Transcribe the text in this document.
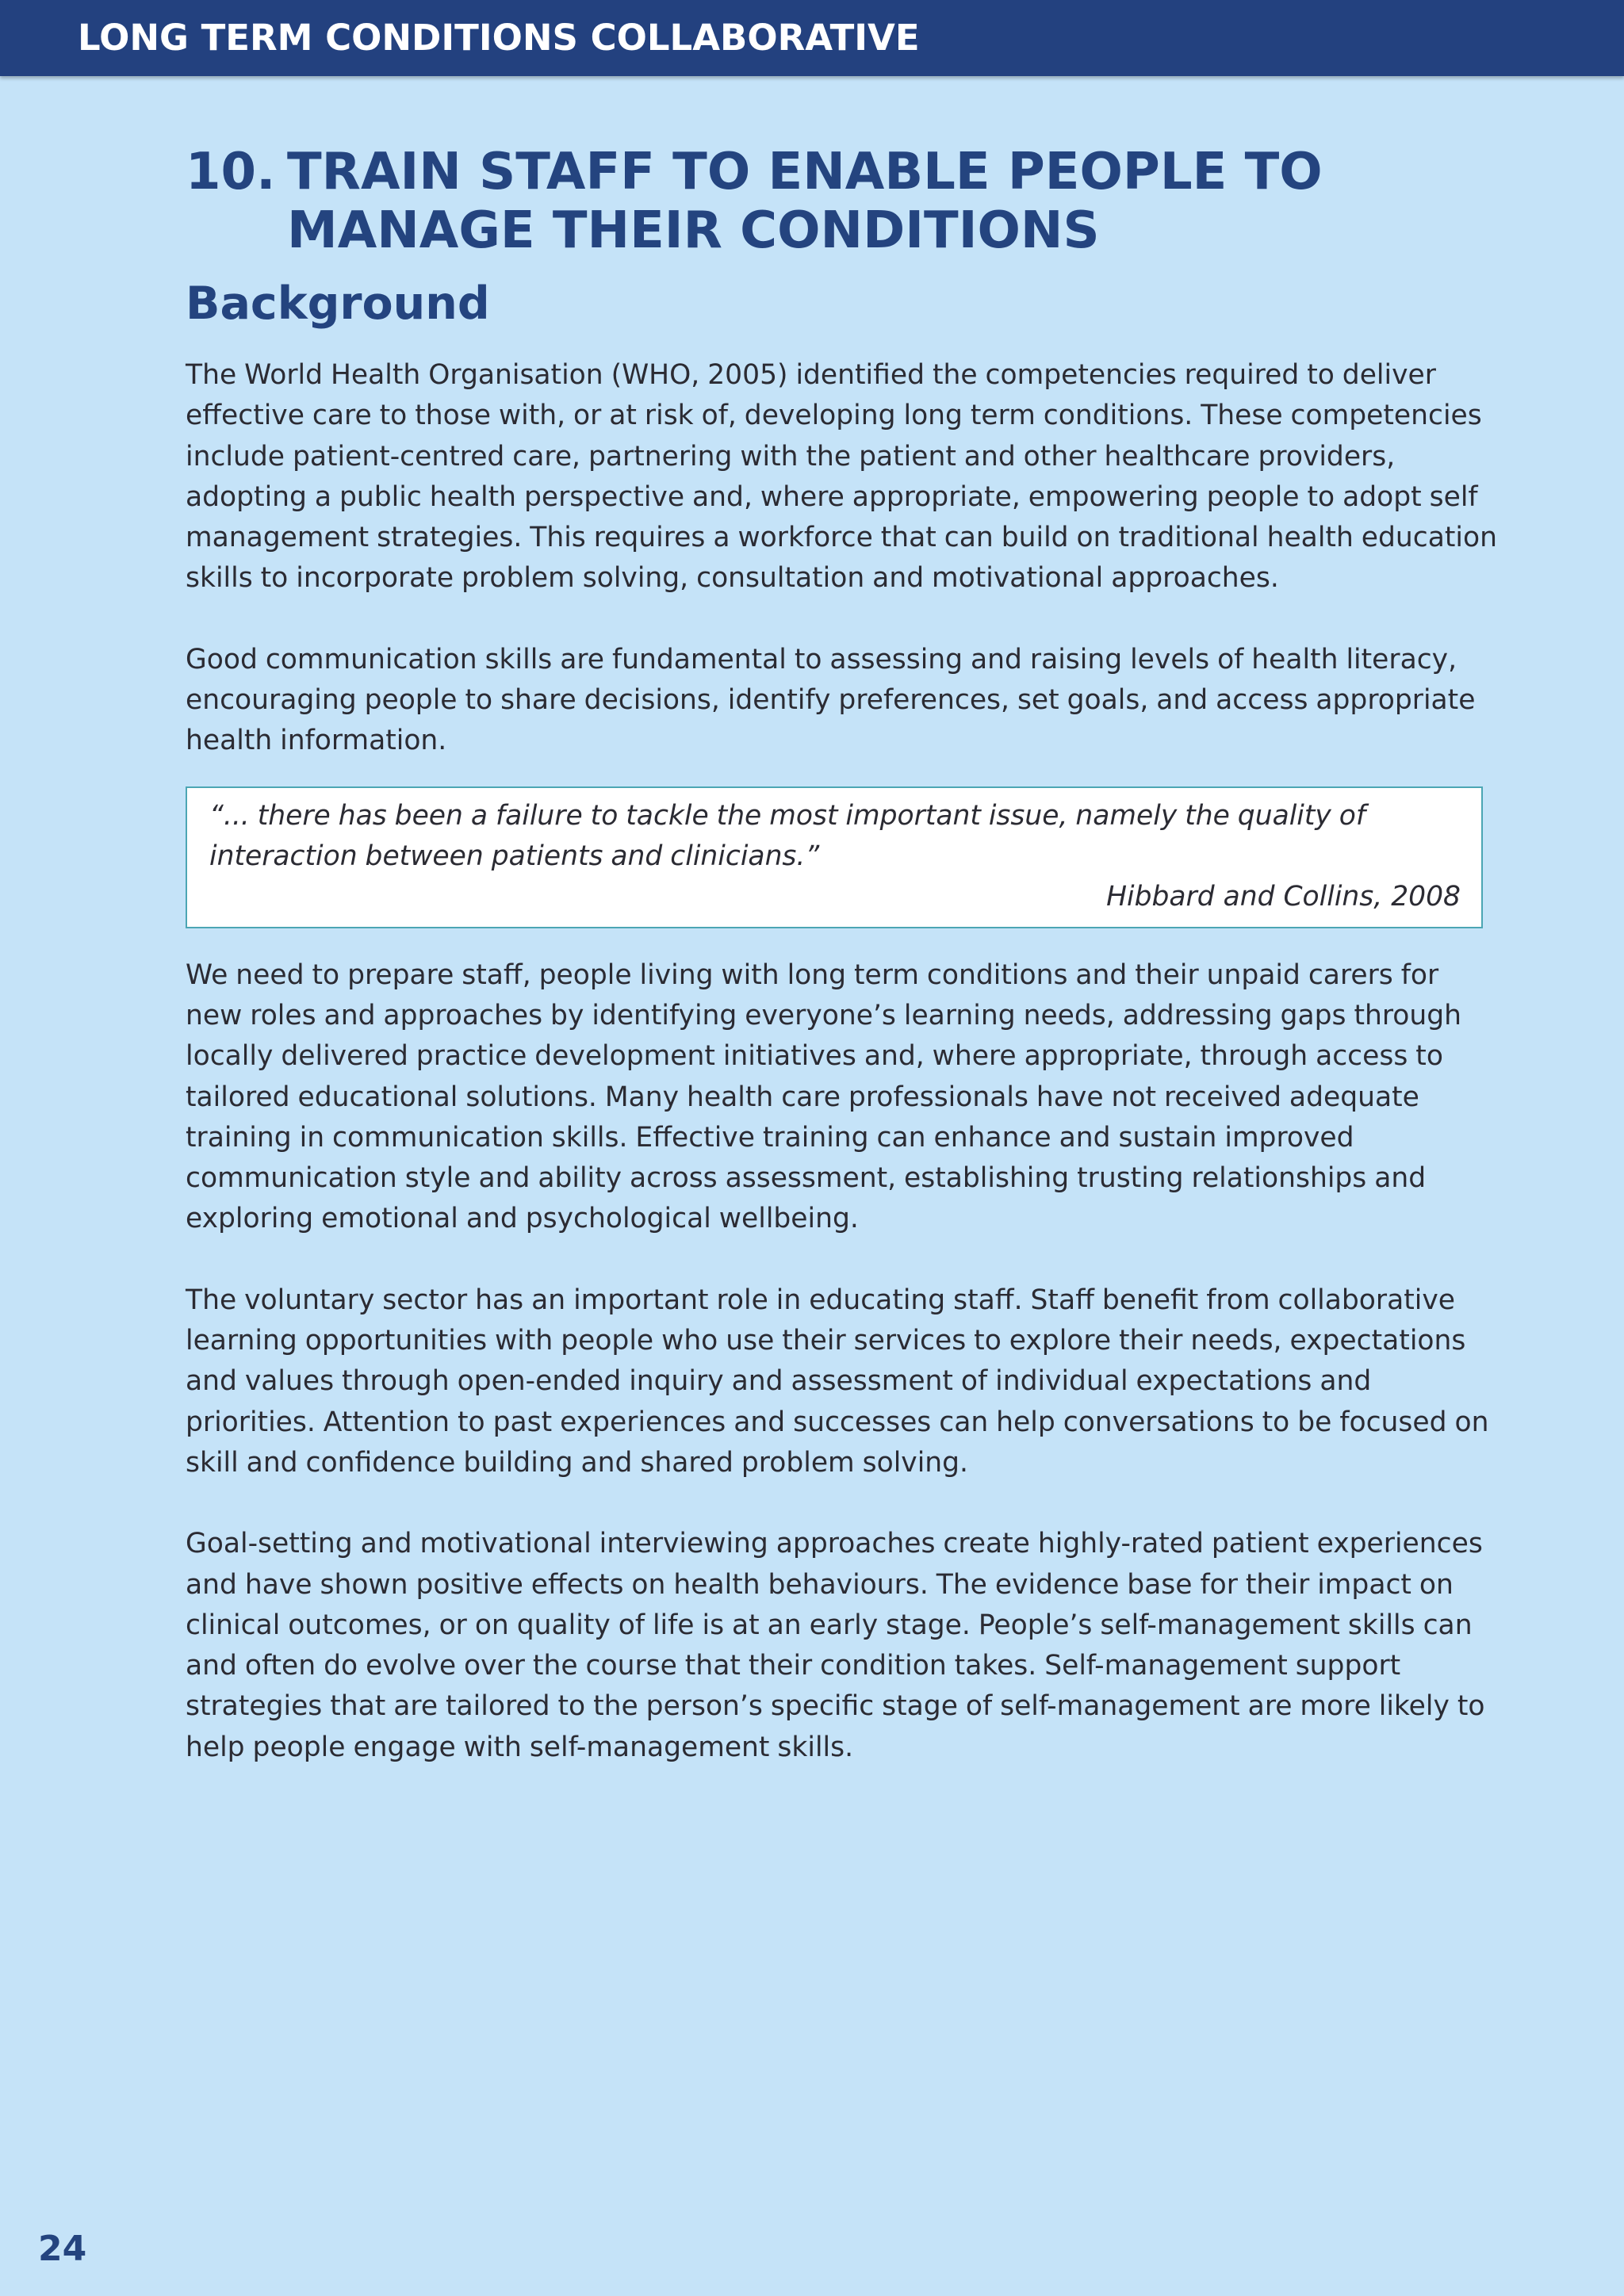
LONG TERM CONDITIONS COLLABORATIVE
10. TRAIN STAFF TO ENABLE PEOPLE TO MANAGE THEIR CONDITIONS
Background

The World Health Organisation (WHO, 2005) identified the competencies required to deliver effective care to those with, or at risk of, developing long term conditions. These competencies include patient-centred care, partnering with the patient and other healthcare providers, adopting a public health perspective and, where appropriate, empowering people to adopt self management strategies. This requires a workforce that can build on traditional health education skills to incorporate problem solving, consultation and motivational approaches.

Good communication skills are fundamental to assessing and raising levels of health literacy, encouraging people to share decisions, identify preferences, set goals, and access appropriate health information.

“... there has been a failure to tackle the most important issue, namely the quality of interaction between patients and clinicians.”

Hibbard and Collins, 2008

We need to prepare staff, people living with long term conditions and their unpaid carers for new roles and approaches by identifying everyone’s learning needs, addressing gaps through locally delivered practice development initiatives and, where appropriate, through access to tailored educational solutions. Many health care professionals have not received adequate training in communication skills. Effective training can enhance and sustain improved communication style and ability across assessment, establishing trusting relationships and exploring emotional and psychological wellbeing.

The voluntary sector has an important role in educating staff. Staff benefit from collaborative learning opportunities with people who use their services to explore their needs, expectations and values through open-ended inquiry and assessment of individual expectations and priorities. Attention to past experiences and successes can help conversations to be focused on skill and confidence building and shared problem solving.

Goal-setting and motivational interviewing approaches create highly-rated patient experiences and have shown positive effects on health behaviours. The evidence base for their impact on clinical outcomes, or on quality of life is at an early stage. People’s self-management skills can and often do evolve over the course that their condition takes. Self-management support strategies that are tailored to the person’s specific stage of self-management are more likely to help people engage with self-management skills.

24
